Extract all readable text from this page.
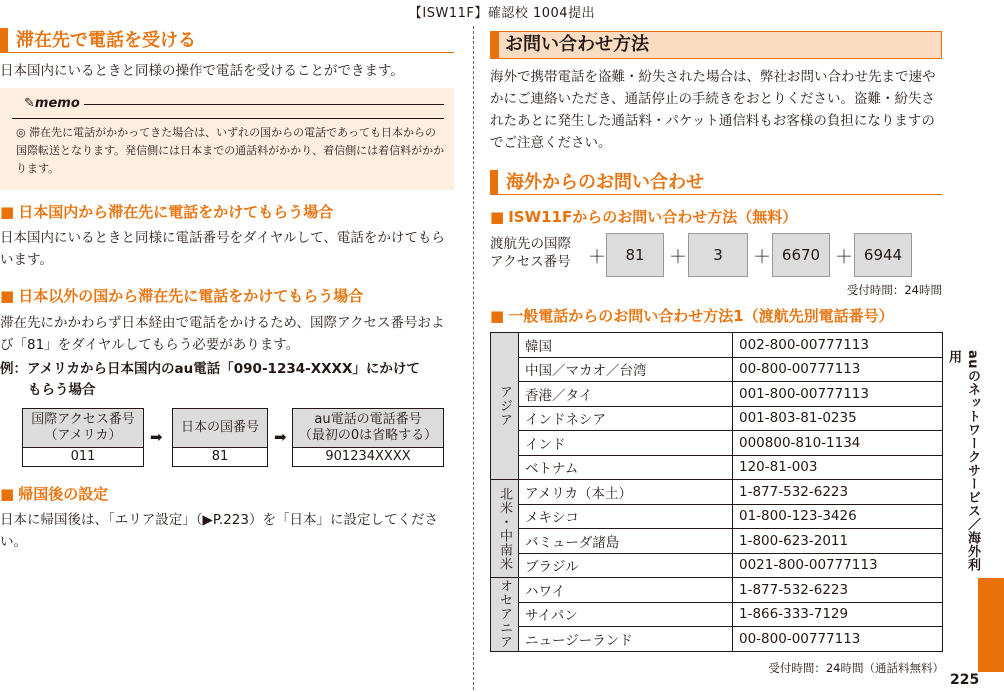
【ISW11F】確認校 1004提出
滞在先で電話を受ける
日本国内にいるときと同様の操作で電話を受けることができます。
✎memo
◎ 滞在先に電話がかかってきた場合は、いずれの国からの電話であっても日本からの国際転送となります。発信側には日本までの通話料がかかり、着信側には着信料がかかります。
■ 日本国内から滞在先に電話をかけてもらう場合
日本国内にいるときと同様に電話番号をダイヤルして、電話をかけてもらいます。
■ 日本以外の国から滞在先に電話をかけてもらう場合
滞在先にかかわらず日本経由で電話をかけるため、国際アクセス番号および「81」をダイヤルしてもらう必要があります。
例：アメリカから日本国内のau電話「090-1234-XXXX」にかけて
もらう場合
国際アクセス番号
（アメリカ）
011
➡
日本の国番号
81
➡
au電話の電話番号
（最初の0は省略する）
901234XXXX
■ 帰国後の設定
日本に帰国後は、「エリア設定」（▶P.223）を「日本」に設定してください。
お問い合わせ方法
海外で携帯電話を盗難・紛失された場合は、弊社お問い合わせ先まで速やかにご連絡いただき、通話停止の手続きをおとりください。盗難・紛失されたあとに発生した通話料・パケット通信料もお客様の負担になりますのでご注意ください。
海外からのお問い合わせ
■ ISW11Fからのお問い合わせ方法（無料）
渡航先の国際
アクセス番号 ＋	81	＋	3	＋ 6670 ＋ 6944
受付時間：24時間
■ 一般電話からのお問い合わせ方法1（渡航先別電話番号）
アジア	韓国	002-800-00777113
	中国／マカオ／台湾	00-800-00777113
	香港／タイ	001-800-00777113
	インドネシア	001-803-81-0235
	インド	000800-810-1134
	ベトナム	120-81-003
北米・中南米	アメリカ（本土）	1-877-532-6223
	メキシコ	01-800-123-3426
	バミューダ諸島	1-800-623-2011
	ブラジル	0021-800-00777113
オセアニア	ハワイ	1-877-532-6223
	サイパン	1-866-333-7129
	ニュージーランド	00-800-00777113
受付時間：24時間（通話料無料）
auのネットワークサービス／海外利用
225
